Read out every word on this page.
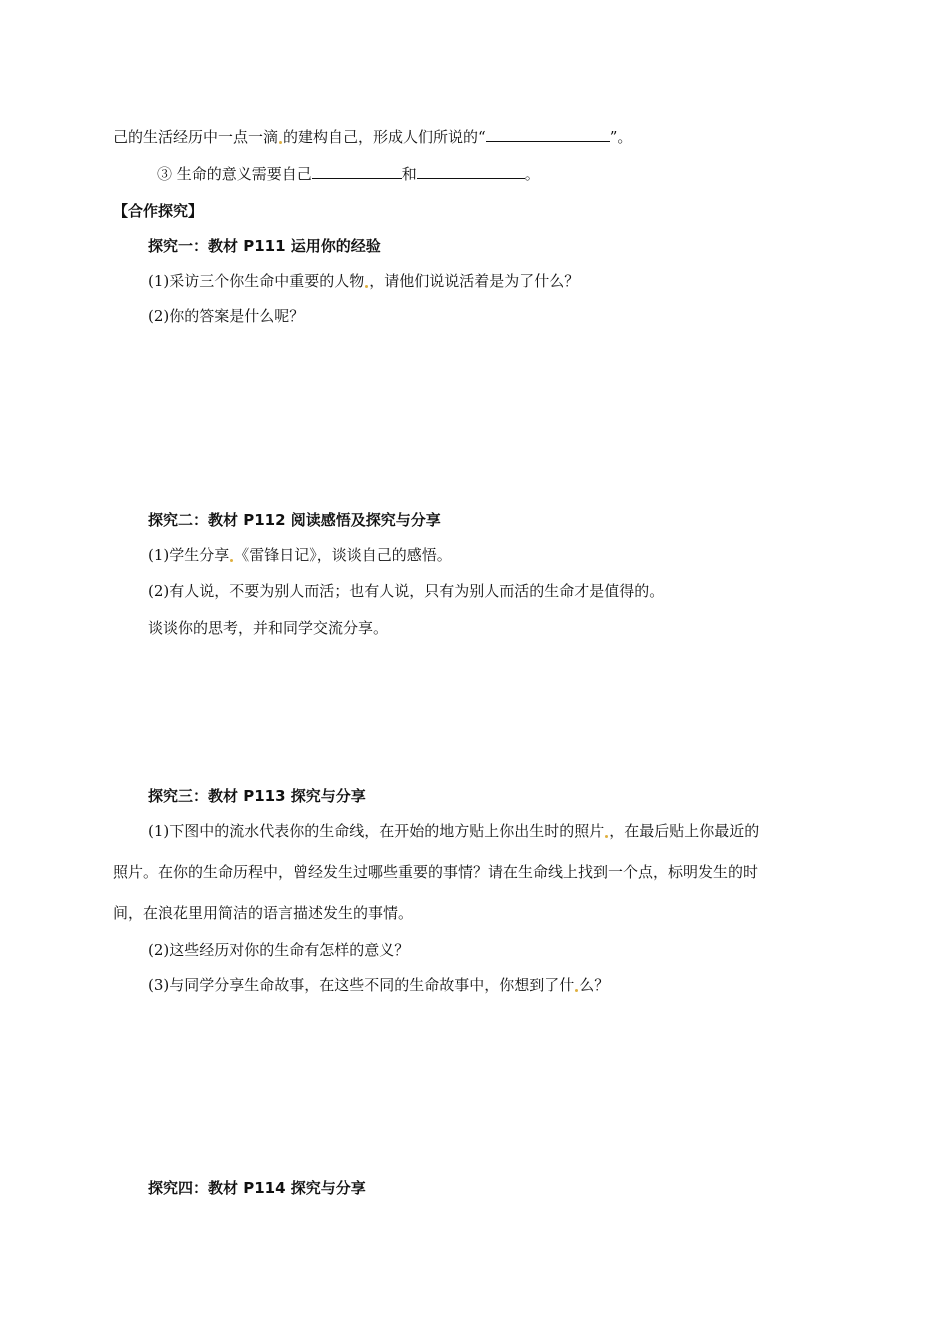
己的生活经历中一点一滴 的建构自己，形成人们所说的“	”。
③ 生命的意义需要自己	和	。
【合作探究】
探究一：教材 P111 运用你的经验
(1)采访三个你生命中重要的人物 ，请他们说说活着是为了什么？
(2)你的答案是什么呢？
探究二：教材 P112 阅读感悟及探究与分享
(1)学生分享 《雷锋日记》，谈谈自己的感悟。
(2)有人说，不要为别人而活；也有人说，只有为别人而活的生命才是值得的。
谈谈你的思考，并和同学交流分享。
探究三：教材 P113 探究与分享
(1)下图中的流水代表你的生命线，在开始的地方贴上你出生时的照片 ，在最后贴上你最近的
照片。在你的生命历程中，曾经发生过哪些重要的事情？请在生命线上找到一个点，标明发生的时
间，在浪花里用简洁的语言描述发生的事情。
(2)这些经历对你的生命有怎样的意义？
(3)与同学分享生命故事，在这些不同的生命故事中，你想到了什 么？
探究四：教材 P114 探究与分享
